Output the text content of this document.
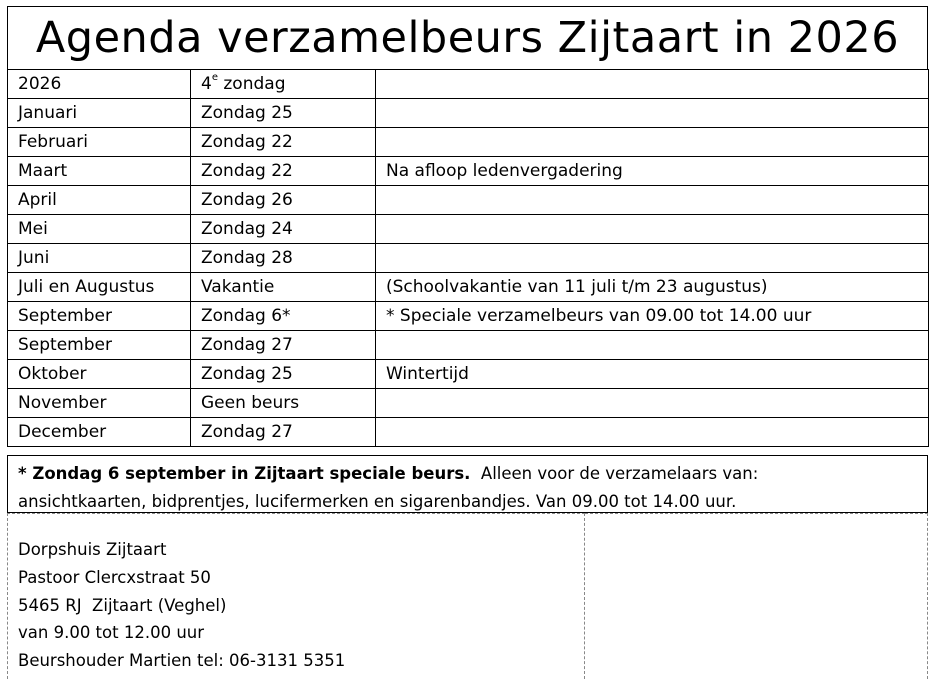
Agenda verzamelbeurs Zijtaart in 2026
2026	4e zondag	
Januari	Zondag 25	
Februari	Zondag 22	
Maart	Zondag 22	Na afloop ledenvergadering
April	Zondag 26	
Mei	Zondag 24	
Juni	Zondag 28	
Juli en Augustus	Vakantie	(Schoolvakantie van 11 juli t/m 23 augustus)
September	Zondag 6*	* Speciale verzamelbeurs van 09.00 tot 14.00 uur
September	Zondag 27	
Oktober	Zondag 25	Wintertijd
November	Geen beurs	
December	Zondag 27	
* Zondag 6 september in Zijtaart speciale beurs.  Alleen voor de verzamelaars van:
ansichtkaarten, bidprentjes, lucifermerken en sigarenbandjes. Van 09.00 tot 14.00 uur.
Dorpshuis Zijtaart
Pastoor Clercxstraat 50
5465 RJ  Zijtaart (Veghel)
van 9.00 tot 12.00 uur
Beurshouder Martien tel: 06-3131 5351
